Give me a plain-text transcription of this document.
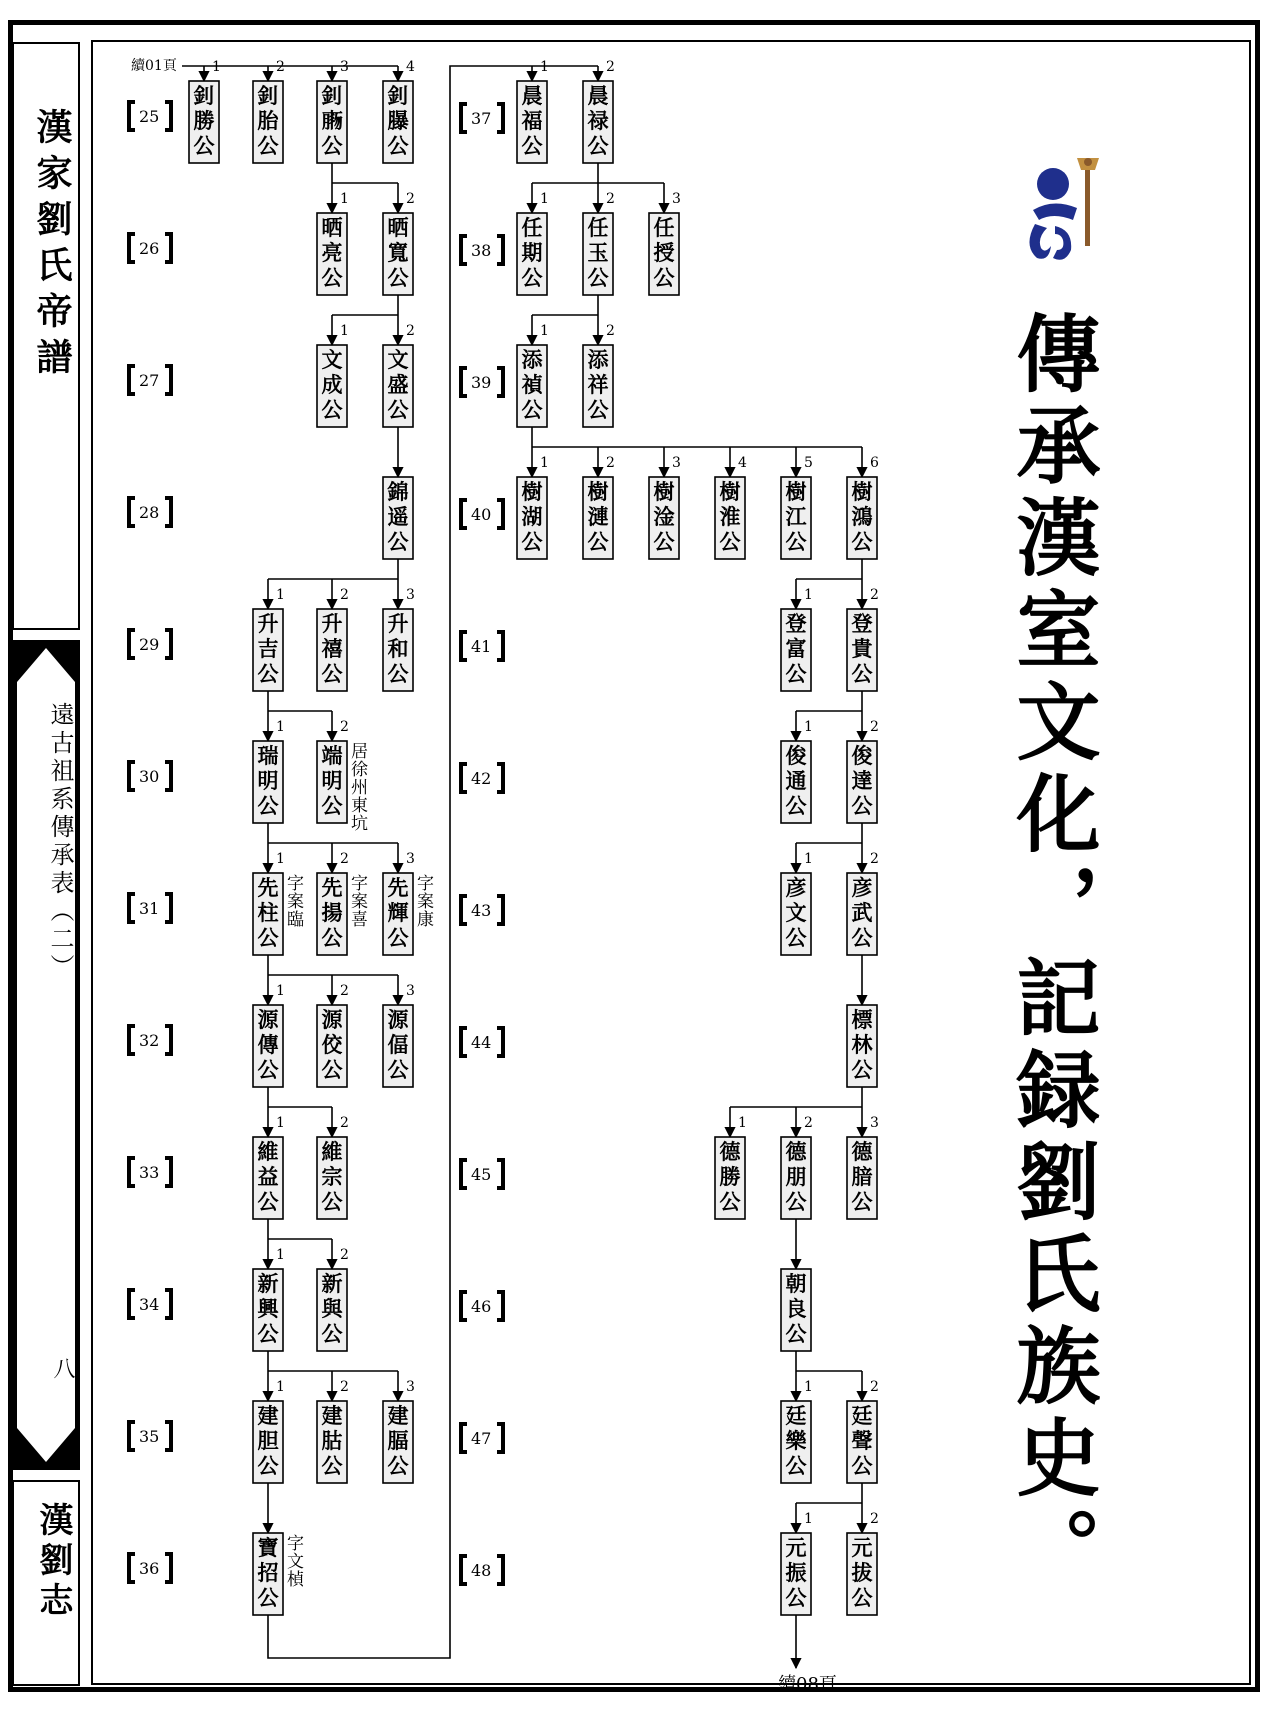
漢家劉氏帝譜
遠古祖系傳承表（二）
八
漢劉志	傳承漢室文化，記録劉氏族史。
釗
勝
公
1
釗
胎
公
2
釗
𦝸
公
3
釗
𦢊
公
4
晒
亮
公
1
晒
寬
公
2
文
成
公
1
文
盛
公
2
錦
遥
公
升
吉
公
1
升
禧
公
2
升
和
公
3
瑞
明
公
1
端
明
公
2
居
徐
州
東
坑
先
柱
公
1
字
案
臨
先
揚
公
2
字
案
喜
先
輝
公
3
字
案
康
源
傳
公
1
源
佼
公
2
源
偪
公
3
維
益
公
1
維
宗
公
2
新
興
公
1
新
與
公
2
建
胆
公
1
建
𦙶
公
2
建
腷
公
3
寶
招
公
字
文
楨
晨
福
公
1
晨
禄
公
2
任
期
公
1
任
玉
公
2
任
授
公
3
添
禎
公
1
添
祥
公
2
樹
湖
公
1
樹
漣
公
2
樹
淦
公
3
樹
淮
公
4
樹
江
公
5
樹
鴻
公
6
登
富
公
1
登
貴
公
2
俊
通
公
1
俊
達
公
2
彦
文
公
1
彦
武
公
2
標
林
公
德
勝
公
1
德
朋
公
2
德
腤
公
3
朝
良
公
廷
樂
公
1
廷
聲
公
2
元
振
公
1
元
拔
公
2
25
26
27
28
29
30
31
32
33
34
35
36
37
38
39
40
41
42
43
44
45
46
47
48
續01頁
續08頁
